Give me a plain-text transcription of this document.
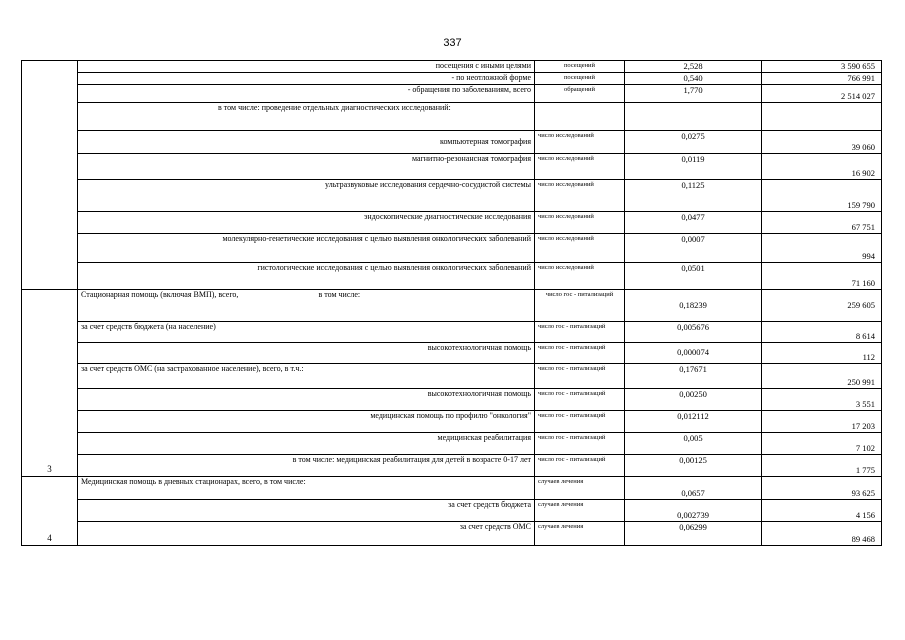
337
	посещения с иными целями	посещений	2,528	3 590 655
	- по неотложной форме	посещений	0,540	766 991
	- обращения по заболеваниям, всего	обращений	1,770	2 514 027
	в том числе: проведение отдельных диагностических исследований:			
	компьютерная томография	число исследований	0,0275	39 060
	магнитно-резонансная томография	число исследований	0,0119	16 902
	ультразвуковые исследования сердечно-сосудистой системы	число исследований	0,1125	159 790
	эндоскопические диагностические исследования	число исследований	0,0477	67 751
	молекулярно-генетические исследования с целью выявления онкологических заболеваний	число исследований	0,0007	994
	гистологические исследования с целью выявления онкологических заболеваний	число исследований	0,0501	71 160
3	Стационарная помощь (включая ВМП), всего, в том числе:	число гос - питализаций	0,18239	259 605
	за счет средств бюджета (на население)	число гос - питализаций	0,005676	8 614
	высокотехнологичная помощь	число гос - питализаций	0,000074	112
	за счет средств ОМС (на застрахованное население), всего, в т.ч.:	число гос - питализаций	0,17671	250 991
	высокотехнологичная помощь	число гос - питализаций	0,00250	3 551
	медицинская помощь по профилю "онкология"	число гос - питализаций	0,012112	17 203
	медицинская реабилитация	число гос - питализаций	0,005	7 102
	в том числе: медицинская реабилитация для детей в возрасте 0-17 лет	число гос - питализаций	0,00125	1 775
4	Медицинская помощь в дневных стационарах, всего, в том числе:	случаев лечения	0,0657	93 625
	за счет средств бюджета	случаев лечения	0,002739	4 156
	за счет средств ОМС	случаев лечения	0,06299	89 468
